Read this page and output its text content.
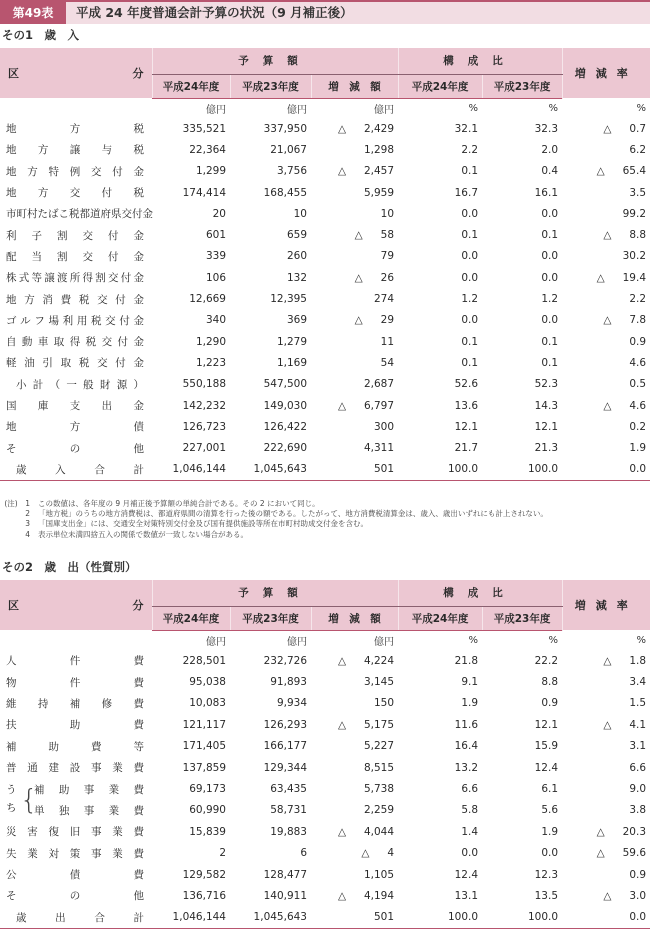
第49表	平成 24 年度普通会計予算の状況（9 月補正後）
その1　歳　入
区 分	予算額			構成比		増減率
	平成24年度	平成23年度	増　減　額	平成24年度	平成23年度	
	億円	億円	億円	%	%	%

地方税	335,521	337,950	△ 2,429	32.1	32.3	△ 0.7

地方譲与税	22,364	21,067	1,298	2.2	2.0	6.2

地方特例交付金	1,299	3,756	△ 2,457	0.1	0.4	△ 65.4

地方交付税	174,414	168,455	5,959	16.7	16.1	3.5

市町村たばこ税都道府県交付金	20	10	10	0.0	0.0	99.2

利子割交付金	601	659	△ 58	0.1	0.1	△ 8.8

配当割交付金	339	260	79	0.0	0.0	30.2

株式等譲渡所得割交付金	106	132	△ 26	0.0	0.0	△ 19.4

地方消費税交付金	12,669	12,395	274	1.2	1.2	2.2

ゴルフ場利用税交付金	340	369	△ 29	0.0	0.0	△ 7.8

自動車取得税交付金	1,290	1,279	11	0.1	0.1	0.9

軽油引取税交付金	1,223	1,169	54	0.1	0.1	4.6

小計（一般財源）	550,188	547,500	2,687	52.6	52.3	0.5

国庫支出金	142,232	149,030	△ 6,797	13.6	14.3	△ 4.6

地方債	126,723	126,422	300	12.1	12.1	0.2

その他	227,001	222,690	4,311	21.7	21.3	1.9

歳入合計	1,046,144	1,045,643	501	100.0	100.0	0.0
(注)　1 この数値は、各年度の 9 月補正後予算額の単純合計である。その 2 において同じ。
2 「地方税」のうちの地方消費税は、都道府県間の清算を行った後の額である。したがって、地方消費税清算金は、歳入、歳出いずれにも計上されない。
3 「国庫支出金」には、交通安全対策特別交付金及び国有提供施設等所在市町村助成交付金を含む。
4 表示単位未満四捨五入の関係で数値が一致しない場合がある。
その2　歳　出（性質別）
区 分	予算額			構成比		増減率
	平成24年度	平成23年度	増　減　額	平成24年度	平成23年度	
	億円	億円	億円	%	%	%

人件費	228,501	232,726	△ 4,224	21.8	22.2	△ 1.8

物件費	95,038	91,893	3,145	9.1	8.8	3.4

維持補修費	10,083	9,934	150	1.9	0.9	1.5

扶助費	121,117	126,293	△ 5,175	11.6	12.1	△ 4.1

補助費等	171,405	166,177	5,227	16.4	15.9	3.1

普通建設事業費	137,859	129,344	8,515	13.2	12.4	6.6

うち {
補助事業費	69,173	63,435	5,738	6.6	6.1	9.0

単独事業費	60,990	58,731	2,259	5.8	5.6	3.8

災害復旧事業費	15,839	19,883	△ 4,044	1.4	1.9	△ 20.3

失業対策事業費	2	6	△ 4	0.0	0.0	△ 59.6

公債費	129,582	128,477	1,105	12.4	12.3	0.9

その他	136,716	140,911	△ 4,194	13.1	13.5	△ 3.0

歳出合計	1,046,144	1,045,643	501	100.0	100.0	0.0
